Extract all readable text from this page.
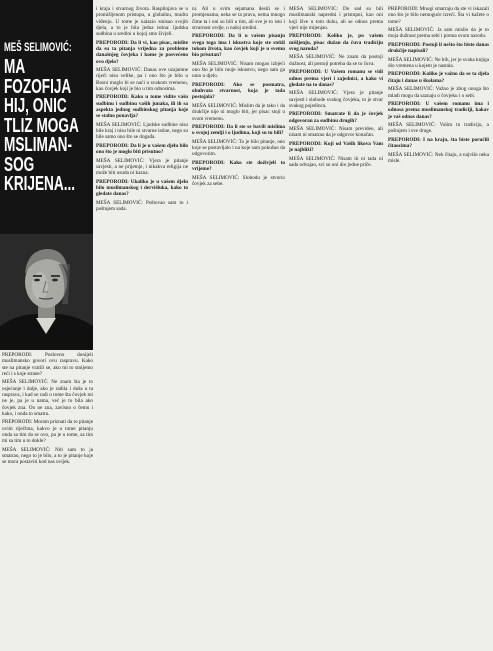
MEŠ SELIMOVIĆ:
MA
FOZOFIJA
HIJ, ONIC
TLIZ MOGA
MSLIMAN-
SOG
KRIJENA...

PREPORODI: Poslovno donijeli muslimansko govori ovu raspravu. Kako ste na pitanje vratili se, ako mi to smijemo reći i s koje strane?

MEŠA SELIMOVIĆ: Ne znam šta je to osjećanje i dalje, ako je radila i duša u ta rasprava, i kad se radi o tome šta čovjek mi ne je, pa je u nama, već je to bila ako čovjek zna. On ne zna, zavisno o čemu i kako, i onda to smatra.

PREPORODI: Moram priznati da to pitanje ovim riječima, kakvo je u tome pitanju onda sa tim da se ovo, pa je u tome, sa tim mi sa tim u to dokle?

MEŠA SELIMOVIĆ: Niti sam to ja smatrao, nego to je bilo, a to je pitanje koje se mora postaviti kod nas uvijek.

i kraja i stvarnog života. Rasplinjava se u promišljenom pristupu, u globalnu, mudru viđenju. U tome je nalazio smisao svojih djela, a to je bila jedna istina: ljudska sudbina u sredini u kojoj smo živjeli.

PREPORODI: Da li vi, kao pisac, mislite da su ta pitanja vrijedna za probleme današnjeg čovjeka i kome je posvećeno ovo djelo?

MEŠA SELIMOVIĆ: Danas ove uzajamne riječi nisu velike, pa i ono što je bilo u Bosni moglo bi se naći u svakom vremenu, kao čovjek koji je bio u tim odnosima.

PREPORODI: Kako u tome vidite vašu sudbinu i sudbinu vaših junaka, ili ih sa aspekta jednog sudbinskog pitanja koje se stalno ponavlja?

MEŠA SELIMOVIĆ: Ljudske sudbine nisu bile kraj i nisu bile ni stvarne istine, nego su bile samo ono što se događa.

PREPORODI: Da li je u vašem djelu bilo ono što je moglo biti prisutno?

MEŠA SELIMOVIĆ: Vjera je pitanje savjesti, a ne prijetnje, i nikakva religija ne može biti osuda ni kazna.

PREPORODI: Ukoliko je u vašem djelu bilo muslimanskog i dervišluka, kako to gledate danas?

MEŠA SELIMOVIĆ: Poštovao sam to i poštujem sada.

ni. Ali u svim sejamana desili se i promjenama, neka se ta prava, nema mnogo čime ta i oni su bili u tim, ali sve je to isto i stvarnost ovdje, u našoj sredini.

PREPORODI: Da li u vašem pisanju svega toga ima i iskustva koje ste stekli tokom života, kao čovjek koji je u svemu bio prisutan?

MEŠA SELIMOVIĆ: Nisam mogao izbjeći ono što je bilo moje iskustvo, nego sam ga unio u djelo.

PREPORODI: Ako se posmatra, obuhvata stvarnost, koja je tada postojala?

MEŠA SELIMOVIĆ: Mislim da je tako i da drukčije nije ni moglo biti, jer pisac stoji u svom vremenu.

PREPORODI: Da li ste se bavili mislima o svojoj zemlji i o ljudima, koji su tu bili?

MEŠA SELIMOVIĆ: To je bilo pitanje, ono koje se postavljalo i na koje sam pokušao da odgovorim.

PREPORODI: Kako ste doživjeli to vrijeme?

MEŠA SELIMOVIĆ: Slobodu je stvorio čovjek za sebe.

MEŠA SELIMOVIĆ: Do sad su bili muslimanski napredni i pristupni, kao oni koji žive u tom duhu, ali se odnos prema vjeri nije mijenjao.

PREPORODI: Koliko je, po vašem mišljenju, pisac dužan da čuva tradiciju svog naroda?

MEŠA SELIMOVIĆ: Ne znam da postoji dužnost, ali postoji potreba da se to čuva.

PREPORODI: U Vašem romanu se vidi odnos prema vjeri i zajednici, a kako vi gledate na to danas?

MEŠA SELIMOVIĆ: Vjera je pitanje savjesti i slobode svakog čovjeka, to je stvar svakog pojedinca.

PREPORODI: Smatrate li da je čovjek odgovoran za sudbinu drugih?

MEŠA SELIMOVIĆ: Nisam prevideo, ali nisam ni smatrao da je odgovor konačan.

PREPORODI: Koji od Vaših likova Vam je najbliži?

MEŠA SELIMOVIĆ: Nisam ih ni tada ni sada odvajao, svi su oni dio jedne priče.

PREPORODI: Mnogi smatraju da ste vi iskazali ono što je bilo nemoguće izreći. Šta vi kažete o tome?

MEŠA SELIMOVIĆ: Ja sam mislio da je to moja dužnost prema sebi i prema svom narodu.

PREPORODI: Postoji li nešto što biste danas drukčije napisali?

MEŠA SELIMOVIĆ: Ne bih, jer je svaka knjiga dio vremena u kojem je nastala.

PREPORODI: Koliko je važno da se ta djela čitaju i danas u školama?

MEŠA SELIMOVIĆ: Važno je zbog onoga što mladi mogu da saznaju o čovjeku i o sebi.

PREPORODI: U vašem romanu ima i odnosa prema muslimanskoj tradiciji, kakav je vaš odnos danas?

MEŠA SELIMOVIĆ: Volim tu tradiciju, a poštujem i sve druge.

PREPORODI: I na kraju, šta biste poručili čitaocima?

MEŠA SELIMOVIĆ: Nek čitaju, a najviše neka misle.
